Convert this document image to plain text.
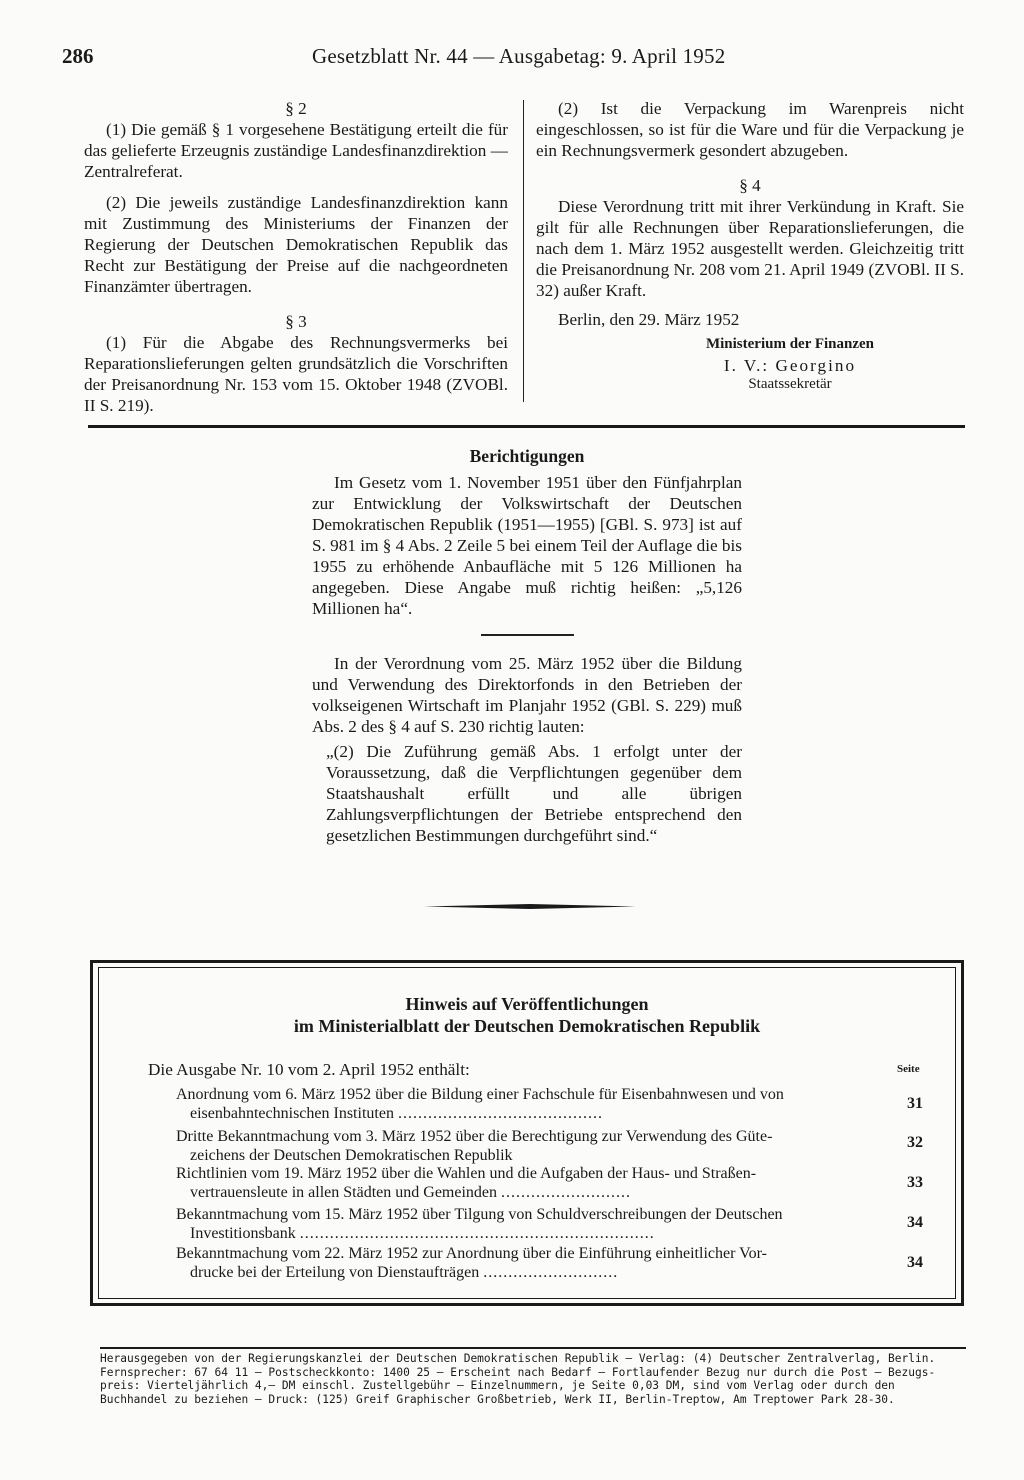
286	Gesetzblatt Nr. 44 — Ausgabetag: 9. April 1952

§ 2

(1) Die gemäß § 1 vorgesehene Bestätigung erteilt die für das gelieferte Erzeugnis zuständige Landesfinanzdirektion — Zentralreferat.

(2) Die jeweils zuständige Landesfinanzdirektion kann mit Zustimmung des Ministeriums der Finanzen der Regierung der Deutschen Demokratischen Republik das Recht zur Bestätigung der Preise auf die nachgeordneten Finanzämter übertragen.

§ 3

(1) Für die Abgabe des Rechnungsvermerks bei Reparationslieferungen gelten grundsätzlich die Vorschriften der Preisanordnung Nr. 153 vom 15. Oktober 1948 (ZVOBl. II S. 219).

(2) Ist die Verpackung im Warenpreis nicht eingeschlossen, so ist für die Ware und für die Verpackung je ein Rechnungsvermerk gesondert abzugeben.

§ 4

Diese Verordnung tritt mit ihrer Verkündung in Kraft. Sie gilt für alle Rechnungen über Reparationslieferungen, die nach dem 1. März 1952 ausgestellt werden. Gleichzeitig tritt die Preisanordnung Nr. 208 vom 21. April 1949 (ZVOBl. II S. 32) außer Kraft.

Berlin, den 29. März 1952

Ministerium der Finanzen

I. V.: Georgino

Staatssekretär

Berichtigungen

Im Gesetz vom 1. November 1951 über den Fünfjahrplan zur Entwicklung der Volkswirtschaft der Deutschen Demokratischen Republik (1951—1955) [GBl. S. 973] ist auf S. 981 im § 4 Abs. 2 Zeile 5 bei einem Teil der Auflage die bis 1955 zu erhöhende Anbaufläche mit 5 126 Millionen ha angegeben. Diese Angabe muß richtig heißen: „5,126 Millionen ha“.

In der Verordnung vom 25. März 1952 über die Bildung und Verwendung des Direktorfonds in den Betrieben der volkseigenen Wirtschaft im Planjahr 1952 (GBl. S. 229) muß Abs. 2 des § 4 auf S. 230 richtig lauten:

„(2) Die Zuführung gemäß Abs. 1 erfolgt unter der Voraussetzung, daß die Verpflichtungen gegenüber dem Staatshaushalt erfüllt und alle übrigen Zahlungsverpflichtungen der Betriebe entsprechend den gesetzlichen Bestimmungen durchgeführt sind.“

Hinweis auf Veröffentlichungen
im Ministerialblatt der Deutschen Demokratischen Republik
Die Ausgabe Nr. 10 vom 2. April 1952 enthält:	Seite
Anordnung vom 6. März 1952 über die Bildung einer Fachschule für Eisenbahnwesen und von
eisenbahntechnischen Instituten .........................................
31
Dritte Bekanntmachung vom 3. März 1952 über die Berechtigung zur Verwendung des Güte-
zeichens der Deutschen Demokratischen Republik
32
Richtlinien vom 19. März 1952 über die Wahlen und die Aufgaben der Haus- und Straßen-
vertrauensleute in allen Städten und Gemeinden ..........................
33
Bekanntmachung vom 15. März 1952 über Tilgung von Schuldverschreibungen der Deutschen
Investitionsbank .......................................................................
34
Bekanntmachung vom 22. März 1952 zur Anordnung über die Einführung einheitlicher Vor-
drucke bei der Erteilung von Dienstaufträgen ...........................
34
Herausgegeben von der Regierungskanzlei der Deutschen Demokratischen Republik — Verlag: (4) Deutscher Zentralverlag, Berlin.
Fernsprecher: 67 64 11 — Postscheckkonto: 1400 25 — Erscheint nach Bedarf — Fortlaufender Bezug nur durch die Post — Bezugs-
preis: Vierteljährlich 4,— DM einschl. Zustellgebühr — Einzelnummern, je Seite 0,03 DM, sind vom Verlag oder durch den
Buchhandel zu beziehen — Druck: (125) Greif Graphischer Großbetrieb, Werk II, Berlin-Treptow, Am Treptower Park 28-30.
